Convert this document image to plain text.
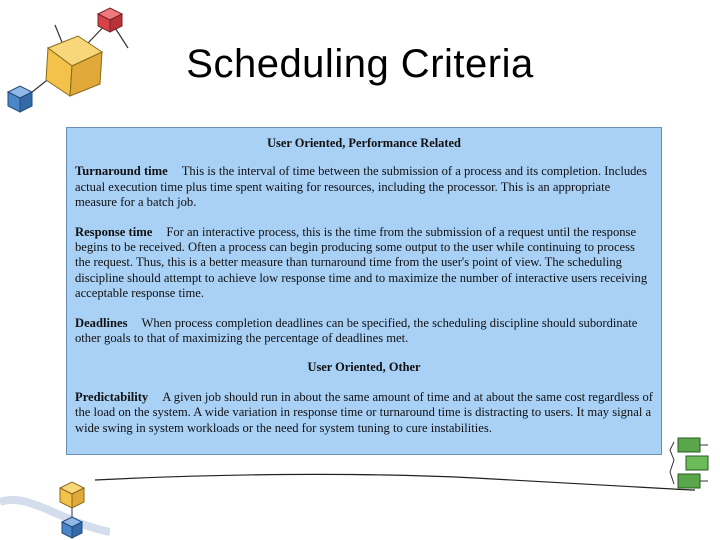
Scheduling Criteria
User Oriented, Performance Related
Turnaround time This is the interval of time between the submission of a process and its completion. Includes actual execution time plus time spent waiting for resources, including the processor. This is an appropriate measure for a batch job.
Response time For an interactive process, this is the time from the submission of a request until the response begins to be received. Often a process can begin producing some output to the user while continuing to process the request. Thus, this is a better measure than turnaround time from the user's point of view. The scheduling discipline should attempt to achieve low response time and to maximize the number of interactive users receiving acceptable response time.
Deadlines When process completion deadlines can be specified, the scheduling discipline should subordinate other goals to that of maximizing the percentage of deadlines met.
User Oriented, Other
Predictability A given job should run in about the same amount of time and at about the same cost regardless of the load on the system. A wide variation in response time or turnaround time is distracting to users. It may signal a wide swing in system workloads or the need for system tuning to cure instabilities.
